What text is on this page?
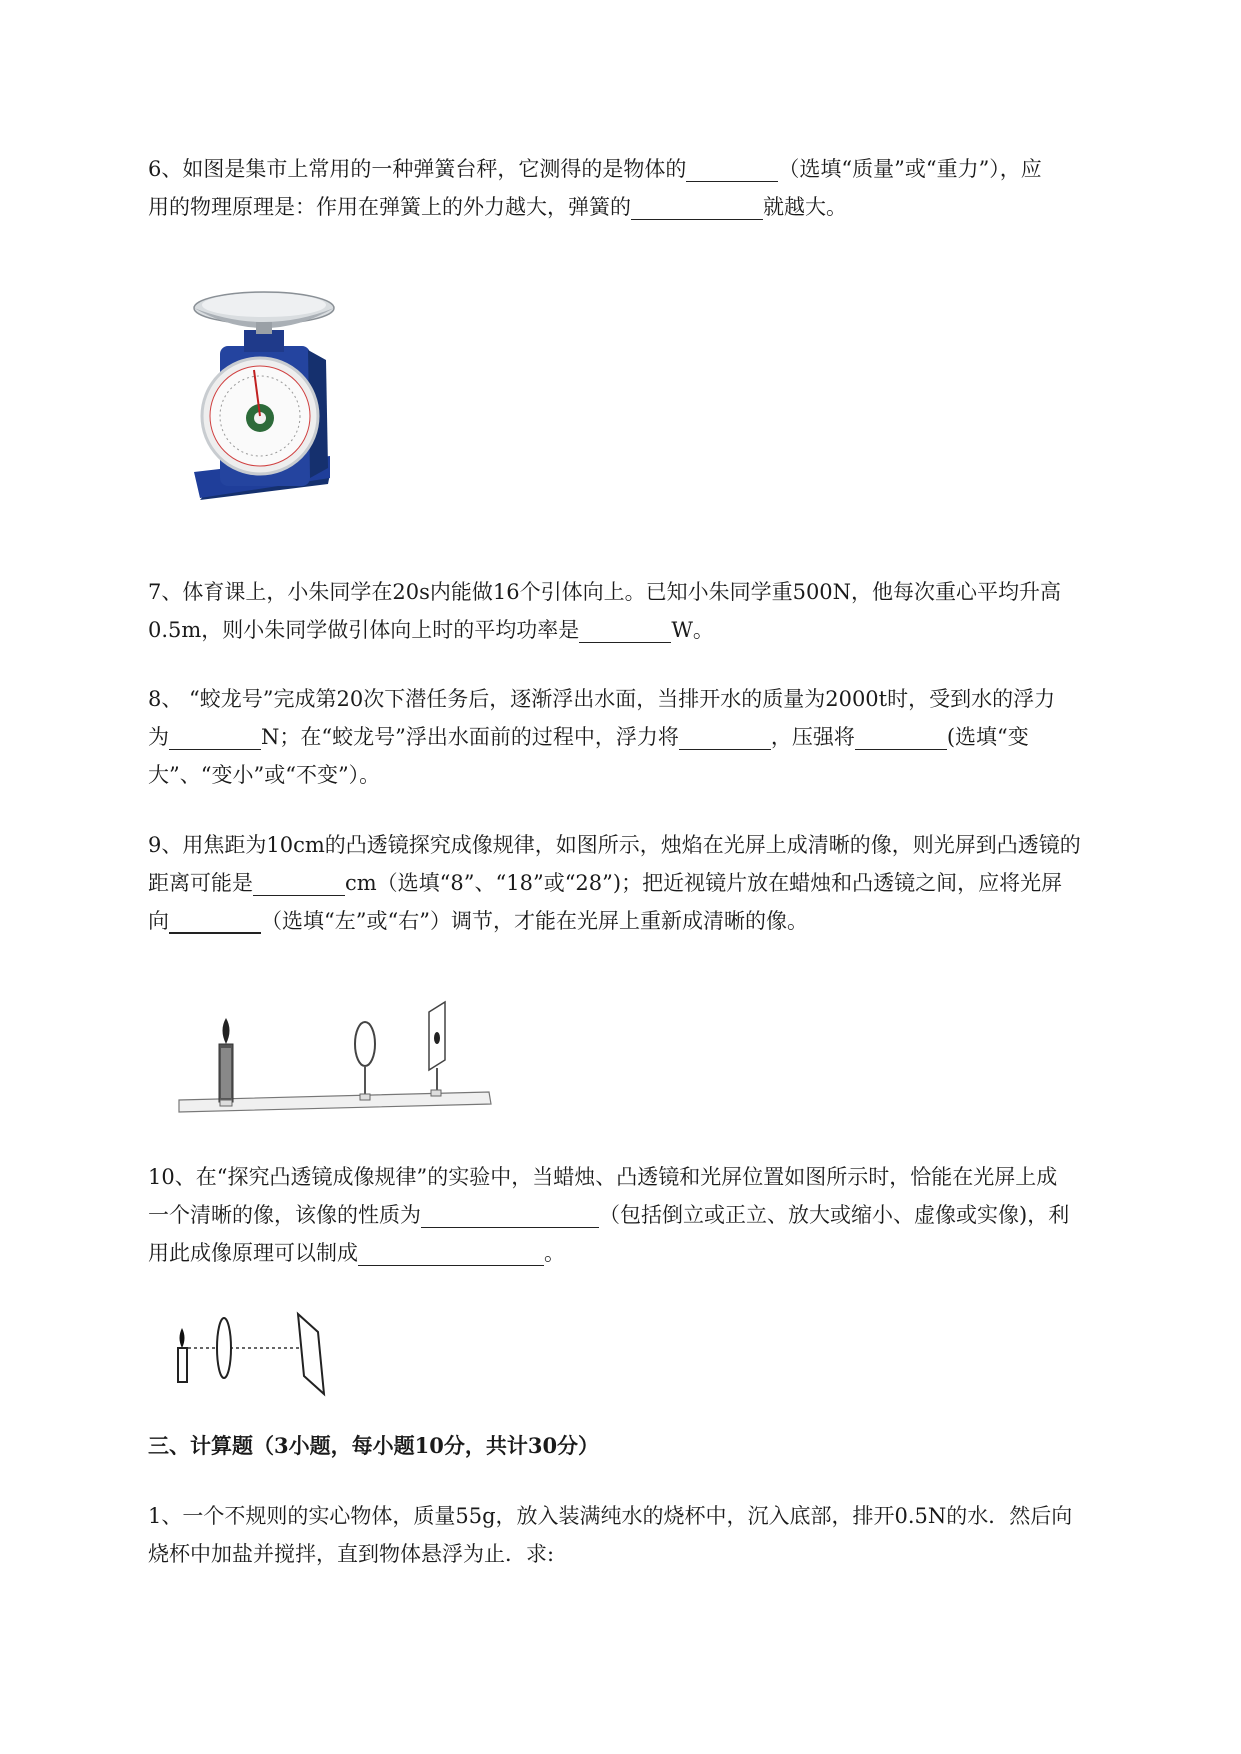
6、如图是集市上常用的一种弹簧台秤，它测得的是物体的	（选填“质量”或“重力”），应
用的物理原理是：作用在弹簧上的外力越大，弹簧的	就越大。
7、体育课上，小朱同学在20s内能做16个引体向上。已知小朱同学重500N，他每次重心平均升高
0.5m，则小朱同学做引体向上时的平均功率是	W。
8、 “蛟龙号”完成第20次下潜任务后，逐渐浮出水面，当排开水的质量为2000t时，受到水的浮力
为	N；在“蛟龙号”浮出水面前的过程中，浮力将	，压强将	(选填“变
大”、“变小”或“不变”）。
9、用焦距为10cm的凸透镜探究成像规律，如图所示，烛焰在光屏上成清晰的像，则光屏到凸透镜的
距离可能是	cm（选填“8”、“18”或“28”)；把近视镜片放在蜡烛和凸透镜之间，应将光屏
向	（选填“左”或“右”）调节，才能在光屏上重新成清晰的像。
10、在“探究凸透镜成像规律”的实验中，当蜡烛、凸透镜和光屏位置如图所示时，恰能在光屏上成
一个清晰的像，该像的性质为	（包括倒立或正立、放大或缩小、虚像或实像)，利
用此成像原理可以制成	。
三、计算题（3小题，每小题10分，共计30分）
1、一个不规则的实心物体，质量55g，放入装满纯水的烧杯中，沉入底部，排开0.5N的水．然后向
烧杯中加盐并搅拌，直到物体悬浮为止．求:
